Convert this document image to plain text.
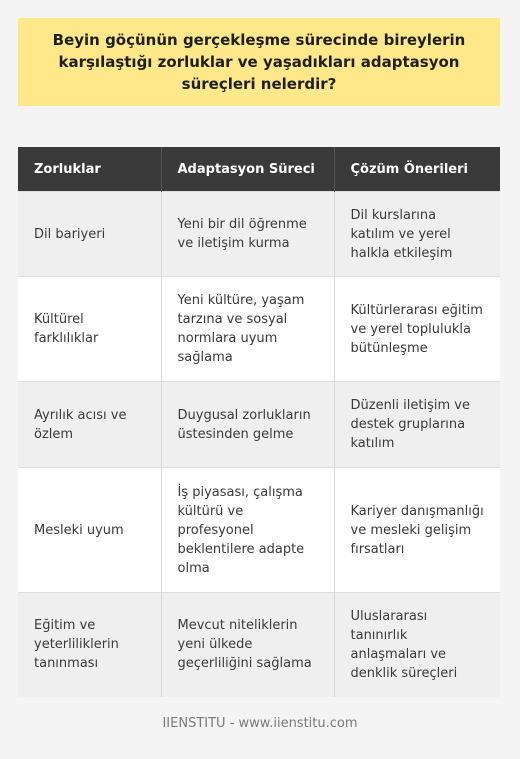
Beyin göçünün gerçekleşme sürecinde bireylerin karşılaştığı zorluklar ve yaşadıkları adaptasyon süreçleri nelerdir?
Zorluklar	Adaptasyon Süreci	Çözüm Önerileri
Dil bariyeri	Yeni bir dil öğrenme ve iletişim kurma	Dil kurslarına katılım ve yerel halkla etkileşim
Kültürel farklılıklar	Yeni kültüre, yaşam tarzına ve sosyal normlara uyum sağlama	Kültürlerarası eğitim ve yerel toplulukla bütünleşme
Ayrılık acısı ve özlem	Duygusal zorlukların üstesinden gelme	Düzenli iletişim ve destek gruplarına katılım
Mesleki uyum	İş piyasası, çalışma kültürü ve profesyonel beklentilere adapte olma	Kariyer danışmanlığı ve mesleki gelişim fırsatları
Eğitim ve yeterliliklerin tanınması	Mevcut niteliklerin yeni ülkede geçerliliğini sağlama	Uluslararası tanınırlık anlaşmaları ve denklik süreçleri
IIENSTITU - www.iienstitu.com
